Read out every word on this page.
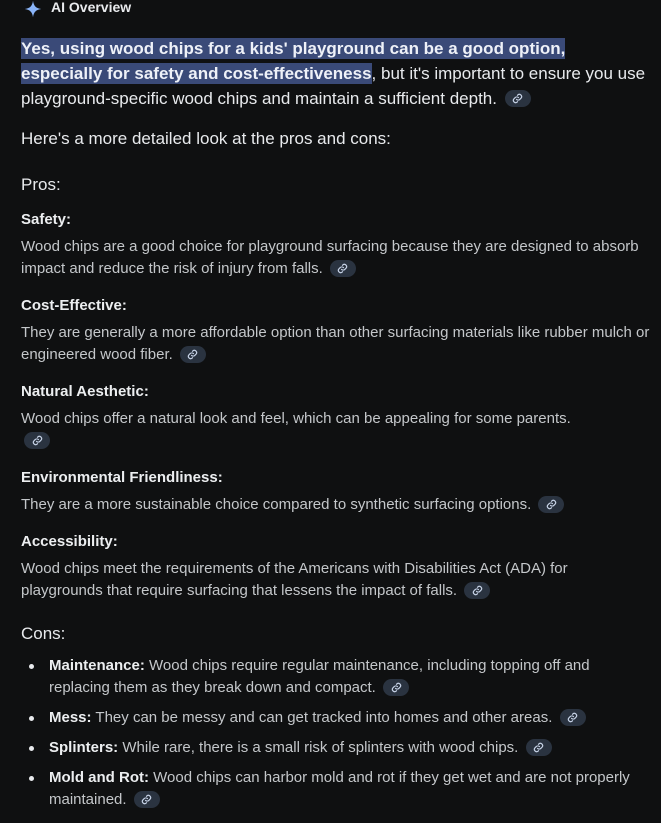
AI Overview
Yes, using wood chips for a kids' playground can be a good option,
especially for safety and cost-effectiveness, but it's important to ensure you use playground-specific wood chips and maintain a sufficient depth.
Here's a more detailed look at the pros and cons:
Pros:
Safety:
Wood chips are a good choice for playground surfacing because they are designed to absorb impact and reduce the risk of injury from falls.
Cost-Effective:
They are generally a more affordable option than other surfacing materials like rubber mulch or engineered wood fiber.
Natural Aesthetic:
Wood chips offer a natural look and feel, which can be appealing for some parents.
Environmental Friendliness:
They are a more sustainable choice compared to synthetic surfacing options.
Accessibility:
Wood chips meet the requirements of the Americans with Disabilities Act (ADA) for playgrounds that require surfacing that lessens the impact of falls.
Cons:
Maintenance: Wood chips require regular maintenance, including topping off and replacing them as they break down and compact.
Mess: They can be messy and can get tracked into homes and other areas.
Splinters: While rare, there is a small risk of splinters with wood chips.
Mold and Rot: Wood chips can harbor mold and rot if they get wet and are not properly maintained.
